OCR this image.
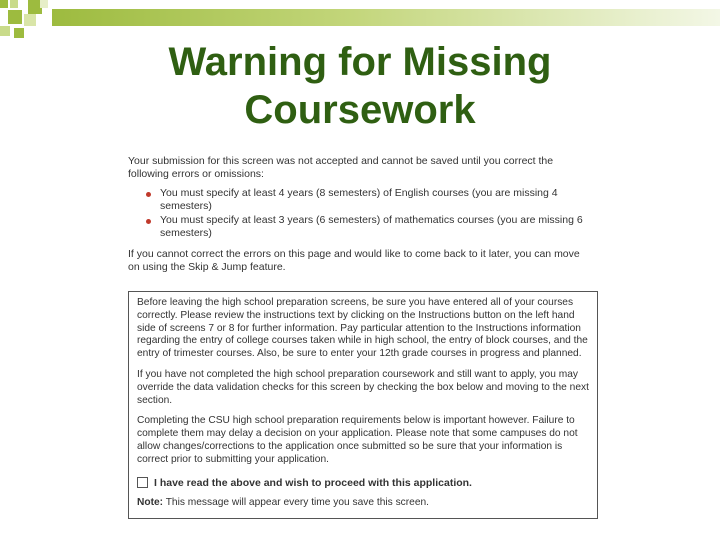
Warning for Missing
Coursework
Your submission for this screen was not accepted and cannot be saved until you correct the following errors or omissions:
You must specify at least 4 years (8 semesters) of English courses (you are missing 4 semesters)
You must specify at least 3 years (6 semesters) of mathematics courses (you are missing 6 semesters)
If you cannot correct the errors on this page and would like to come back to it later, you can move on using the Skip & Jump feature.

Before leaving the high school preparation screens, be sure you have entered all of your courses correctly. Please review the instructions text by clicking on the Instructions button on the left hand side of screens 7 or 8 for further information. Pay particular attention to the Instructions information regarding the entry of college courses taken while in high school, the entry of block courses, and the entry of trimester courses. Also, be sure to enter your 12th grade courses in progress and planned.

If you have not completed the high school preparation coursework and still want to apply, you may override the data validation checks for this screen by checking the box below and moving to the next section.

Completing the CSU high school preparation requirements below is important however. Failure to complete them may delay a decision on your application. Please note that some campuses do not allow changes/corrections to the application once submitted so be sure that your information is correct prior to submitting your application.

I have read the above and wish to proceed with this application.
Note: This message will appear every time you save this screen.
